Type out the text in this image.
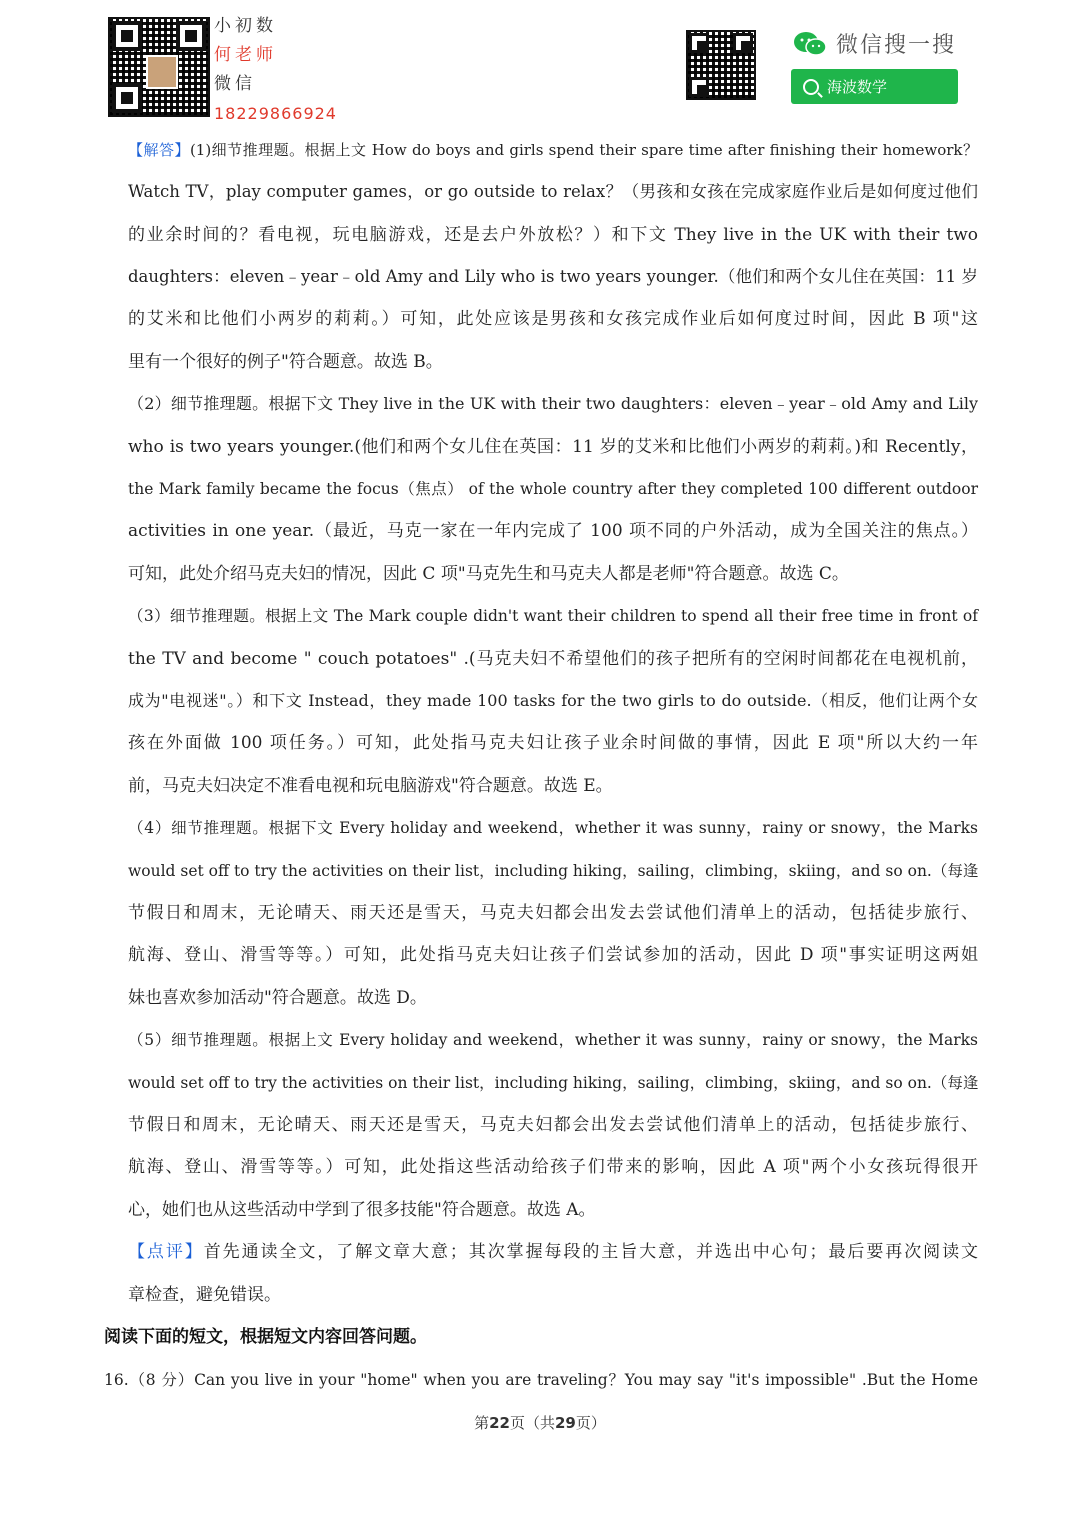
小初数
何老师
微信
18229866924
微信搜一搜
海波数学
【解答】(1)细节推理题。根据上文 How do boys and girls spend their spare time after finishing their homework？
Watch TV，play computer games，or go outside to relax？（男孩和女孩在完成家庭作业后是如何度过他们
的业余时间的？看电视，玩电脑游戏，还是去户外放松？）和下文 They live in the UK with their two
daughters：eleven﹣year﹣old Amy and Lily who is two years younger.（他们和两个女儿住在英国：11 岁
的艾米和比他们小两岁的莉莉。）可知，此处应该是男孩和女孩完成作业后如何度过时间，因此 B 项"这
里有一个很好的例子"符合题意。故选 B。
（2）细节推理题。根据下文 They live in the UK with their two daughters：eleven﹣year﹣old Amy and Lily
who is two years younger.(他们和两个女儿住在英国：11 岁的艾米和比他们小两岁的莉莉。)和 Recently，
the Mark family became the focus（焦点） of the whole country after they completed 100 different outdoor
activities in one year.（最近，马克一家在一年内完成了 100 项不同的户外活动，成为全国关注的焦点。）
可知，此处介绍马克夫妇的情况，因此 C 项"马克先生和马克夫人都是老师"符合题意。故选 C。
（3）细节推理题。根据上文 The Mark couple didn't want their children to spend all their free time in front of
the TV and become " couch potatoes" .(马克夫妇不希望他们的孩子把所有的空闲时间都花在电视机前，
成为"电视迷"。）和下文 Instead，they made 100 tasks for the two girls to do outside.（相反，他们让两个女
孩在外面做 100 项任务。）可知，此处指马克夫妇让孩子业余时间做的事情，因此 E 项"所以大约一年
前，马克夫妇决定不准看电视和玩电脑游戏"符合题意。故选 E。
（4）细节推理题。根据下文 Every holiday and weekend，whether it was sunny，rainy or snowy，the Marks
would set off to try the activities on their list，including hiking，sailing，climbing，skiing，and so on.（每逢
节假日和周末，无论晴天、雨天还是雪天，马克夫妇都会出发去尝试他们清单上的活动，包括徒步旅行、
航海、登山、滑雪等等。）可知，此处指马克夫妇让孩子们尝试参加的活动，因此 D 项"事实证明这两姐
妹也喜欢参加活动"符合题意。故选 D。
（5）细节推理题。根据上文 Every holiday and weekend，whether it was sunny，rainy or snowy，the Marks
would set off to try the activities on their list，including hiking，sailing，climbing，skiing，and so on.（每逢
节假日和周末，无论晴天、雨天还是雪天，马克夫妇都会出发去尝试他们清单上的活动，包括徒步旅行、
航海、登山、滑雪等等。）可知，此处指这些活动给孩子们带来的影响，因此 A 项"两个小女孩玩得很开
心，她们也从这些活动中学到了很多技能"符合题意。故选 A。
【点评】首先通读全文，了解文章大意；其次掌握每段的主旨大意，并选出中心句；最后要再次阅读文
章检查，避免错误。
阅读下面的短文，根据短文内容回答问题。
16.（8 分）Can you live in your "home" when you are traveling？You may say "it's impossible" .But the Home
第22页（共29页）
